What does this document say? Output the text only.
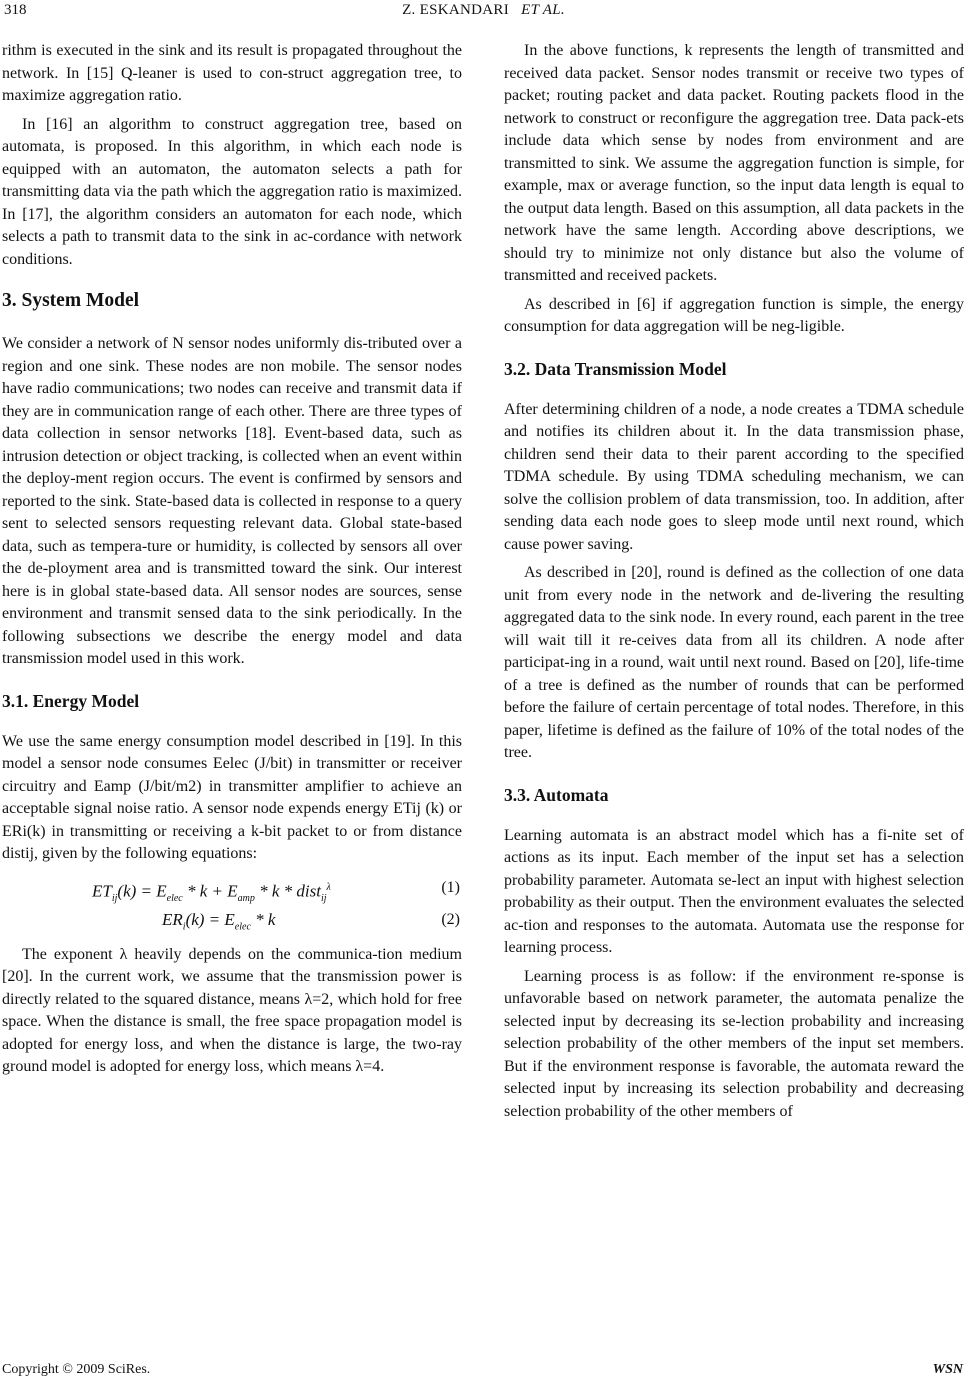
318	Z. ESKANDARI ET AL.

rithm is executed in the sink and its result is propagated throughout the network. In [15] Q-leaner is used to con-struct aggregation tree, to maximize aggregation ratio.

In [16] an algorithm to construct aggregation tree, based on automata, is proposed. In this algorithm, in which each node is equipped with an automaton, the automaton selects a path for transmitting data via the path which the aggregation ratio is maximized. In [17], the algorithm considers an automaton for each node, which selects a path to transmit data to the sink in ac-cordance with network conditions.

3. System Model

We consider a network of N sensor nodes uniformly dis-tributed over a region and one sink. These nodes are non mobile. The sensor nodes have radio communications; two nodes can receive and transmit data if they are in communication range of each other. There are three types of data collection in sensor networks [18]. Event-based data, such as intrusion detection or object tracking, is collected when an event within the deploy-ment region occurs. The event is confirmed by sensors and reported to the sink. State-based data is collected in response to a query sent to selected sensors requesting relevant data. Global state-based data, such as tempera-ture or humidity, is collected by sensors all over the de-ployment area and is transmitted toward the sink. Our interest here is in global state-based data. All sensor nodes are sources, sense environment and transmit sensed data to the sink periodically. In the following subsections we describe the energy model and data transmission model used in this work.

3.1. Energy Model

We use the same energy consumption model described in [19]. In this model a sensor node consumes Eelec (J/bit) in transmitter or receiver circuitry and Eamp (J/bit/m2) in transmitter amplifier to achieve an acceptable signal noise ratio. A sensor node expends energy ETij (k) or ERi(k) in transmitting or receiving a k-bit packet to or from distance distij, given by the following equations:

$ET_{ij}(k) = E_{elec} * k + E_{amp} * k$ * dist$_{ij}^\lambda$	(1)
$ER_i(k) = E_{elec} * k$	(2)

The exponent λ heavily depends on the communica-tion medium [20]. In the current work, we assume that the transmission power is directly related to the squared distance, means λ=2, which hold for free space. When the distance is small, the free space propagation model is adopted for energy loss, and when the distance is large, the two-ray ground model is adopted for energy loss, which means λ=4.

In the above functions, k represents the length of transmitted and received data packet. Sensor nodes transmit or receive two types of packet; routing packet and data packet. Routing packets flood in the network to construct or reconfigure the aggregation tree. Data pack-ets include data which sense by nodes from environment and are transmitted to sink. We assume the aggregation function is simple, for example, max or average function, so the input data length is equal to the output data length. Based on this assumption, all data packets in the network have the same length. According above descriptions, we should try to minimize not only distance but also the volume of transmitted and received packets.

As described in [6] if aggregation function is simple, the energy consumption for data aggregation will be neg-ligible.

3.2. Data Transmission Model

After determining children of a node, a node creates a TDMA schedule and notifies its children about it. In the data transmission phase, children send their data to their parent according to the specified TDMA schedule. By using TDMA scheduling mechanism, we can solve the collision problem of data transmission, too. In addition, after sending data each node goes to sleep mode until next round, which cause power saving.

As described in [20], round is defined as the collection of one data unit from every node in the network and de-livering the resulting aggregated data to the sink node. In every round, each parent in the tree will wait till it re-ceives data from all its children. A node after participat-ing in a round, wait until next round. Based on [20], life-time of a tree is defined as the number of rounds that can be performed before the failure of certain percentage of total nodes. Therefore, in this paper, lifetime is defined as the failure of 10% of the total nodes of the tree.

3.3. Automata

Learning automata is an abstract model which has a fi-nite set of actions as its input. Each member of the input set has a selection probability parameter. Automata se-lect an input with highest selection probability as their output. Then the environment evaluates the selected ac-tion and responses to the automata. Automata use the response for learning process.

Learning process is as follow: if the environment re-sponse is unfavorable based on network parameter, the automata penalize the selected input by decreasing its se-lection probability and increasing selection probability of the other members of the input set members. But if the environment response is favorable, the automata reward the selected input by increasing its selection probability and decreasing selection probability of the other members of

Copyright © 2009 SciRes.	WSN
